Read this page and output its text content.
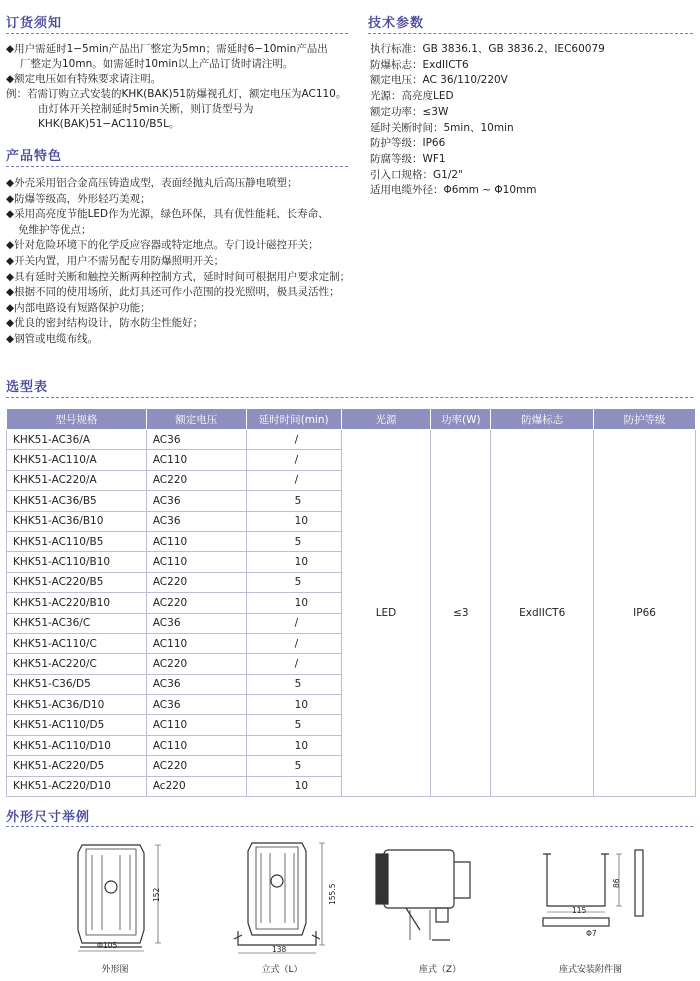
订货须知

◆用户需延时1−5min产品出厂整定为5mn；需延时6−10min产品出

厂整定为10mn。如需延时10min以上产品订货时请注明。

◆额定电压如有特殊要求请注明。

例：若需订购立式安装的KHK(BAK)51防爆视孔灯，额定电压为AC110。

由灯体开关控制延时5min关断，则订货型号为KHK(BAK)51−AC110/B5L。

技术参数

执行标准：GB 3836.1、GB 3836.2、IEC60079

防爆标志：ExdIICT6

额定电压：AC 36/110/220V

光源：高亮度LED

额定功率：≤3W

延时关断时间：5min、10min

防护等级：IP66

防腐等级：WF1

引入口规格：G1/2"

适用电缆外径：Φ6mm ~ Φ10mm

产品特色

◆外壳采用铝合金高压铸造成型，表面经抛丸后高压静电喷塑；

◆防爆等级高，外形轻巧美观；

◆采用高亮度节能LED作为光源，绿色环保，具有优性能耗、长寿命、

免维护等优点；

◆针对危险环境下的化学反应容器或特定地点。专门设计磁控开关；

◆开关内置，用户不需另配专用防爆照明开关；

◆具有延时关断和触控关断两种控制方式，延时时间可根据用户要求定制；

◆根据不同的使用场所，此灯具还可作小范围的投光照明，极具灵活性；

◆内部电路设有短路保护功能；

◆优良的密封结构设计，防水防尘性能好；

◆钢管或电缆布线。

选型表
型号规格	额定电压	延时时间(min)	光源	功率(W)	防爆标志	防护等级
KHK51-AC36/A	AC36	/	LED	≤3	ExdIICT6	IP66
KHK51-AC110/A	AC110	/				
KHK51-AC220/A	AC220	/				
KHK51-AC36/B5	AC36	5				
KHK51-AC36/B10	AC36	10				
KHK51-AC110/B5	AC110	5				
KHK51-AC110/B10	AC110	10				
KHK51-AC220/B5	AC220	5				
KHK51-AC220/B10	AC220	10				
KHK51-AC36/C	AC36	/				
KHK51-AC110/C	AC110	/				
KHK51-AC220/C	AC220	/				
KHK51-C36/D5	AC36	5				
KHK51-AC36/D10	AC36	10				
KHK51-AC110/D5	AC110	5				
KHK51-AC110/D10	AC110	10				
KHK51-AC220/D5	AC220	5				
KHK51-AC220/D10	Ac220	10				
外形尺寸举例
152
Φ105
外形图
155.5
138
立式（L）	座式（Z）
86
115
Φ7
座式安装附件图
